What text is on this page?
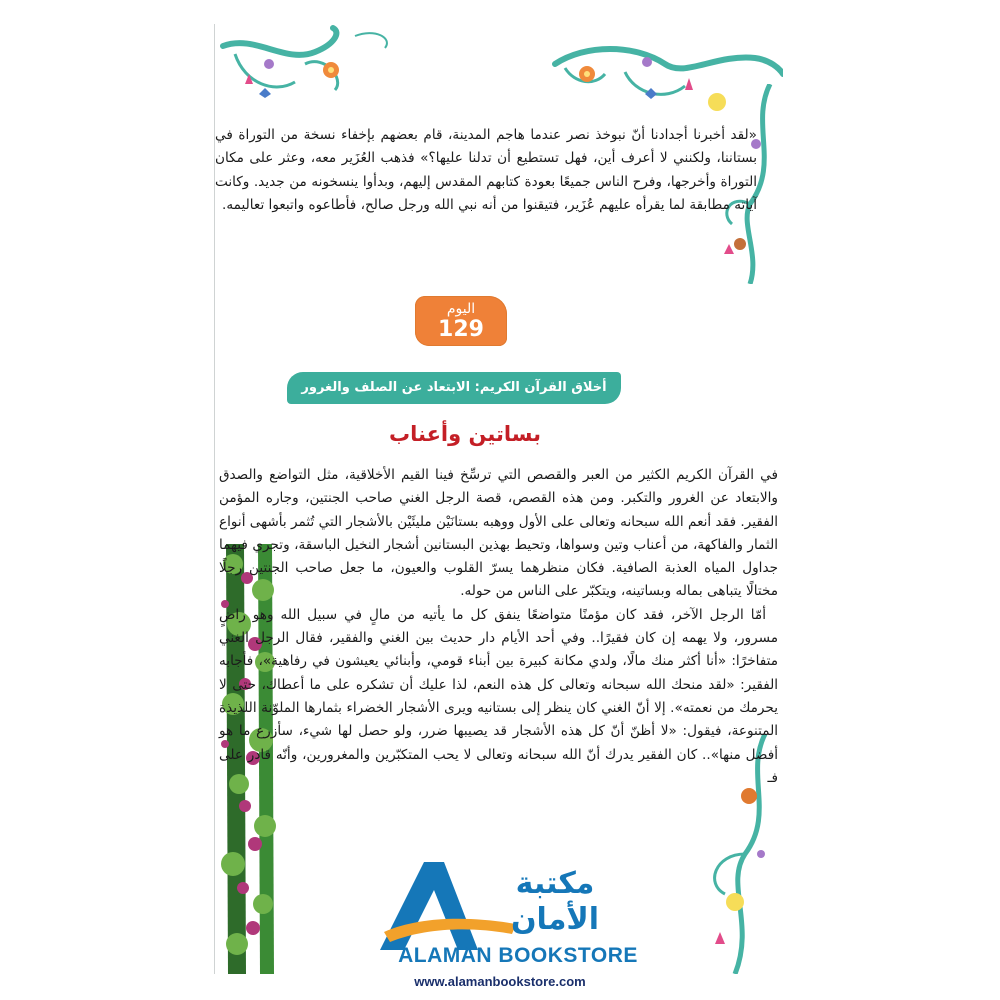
«لقد أخبرنا أجدادنا أنّ نبوخذ نصر عندما هاجم المدينة، قام بعضهم بإخفاء نسخة من التوراة في بستاننا، ولكنني لا أعرف أين، فهل تستطيع أن تدلنا عليها؟» فذهب العُزَير معه، وعثر على مكان التوراة وأخرجها، وفرح الناس جميعًا بعودة كتابهم المقدس إليهم، وبدأوا ينسخونه من جديد. وكانت آياته مطابقة لما يقرأه عليهم عُزَير، فتيقنوا من أنه نبي الله ورجل صالح، فأطاعوه واتبعوا تعاليمه.
اليوم
129
أخلاق القرآن الكريم: الابتعاد عن الصلف والغرور
بساتين وأعناب

في القرآن الكريم الكثير من العبر والقصص التي ترسِّخ فينا القيم الأخلاقية، مثل التواضع والصدق والابتعاد عن الغرور والتكبر. ومن هذه القصص، قصة الرجل الغني صاحب الجنتين، وجاره المؤمن الفقير. فقد أنعم الله سبحانه وتعالى على الأول ووهبه بستانَيْن مليئَيْن بالأشجار التي تُثمر بأشهى أنواع الثمار والفاكهة، من أعناب وتين وسواها، وتحيط بهذين البستانين أشجار النخيل الباسقة، وتجري فيهما جداول المياه العذبة الصافية. فكان منظرهما يسرّ القلوب والعيون، ما جعل صاحب الجنتين رجلًا مختالًا يتباهى بماله وبساتينه، ويتكبّر على الناس من حوله.

أمّا الرجل الآخر، فقد كان مؤمنًا متواضعًا ينفق كل ما يأتيه من مالٍ في سبيل الله وهو راضٍ مسرور، ولا يهمه إن كان فقيرًا.. وفي أحد الأيام دار حديث بين الغني والفقير، فقال الرجل الغني متفاخرًا: «أنا أكثر منك مالًا، ولدي مكانة كبيرة بين أبناء قومي، وأبنائي يعيشون في رفاهية»، فأجابه الفقير: «لقد منحك الله سبحانه وتعالى كل هذه النعم، لذا عليك أن تشكره على ما أعطاك، حتى لا يحرمك من نعمته». إلا أنّ الغني كان ينظر إلى بستانيه ويرى الأشجار الخضراء بثمارها الملوّنة اللذيذة المتنوعة، فيقول: «لا أظنّ أنّ كل هذه الأشجار قد يصيبها ضرر، ولو حصل لها شيء، سأزرع ما هو أفضل منها».. كان الفقير يدرك أنّ الله سبحانه وتعالى لا يحب المتكبّرين والمغرورين، وأنّه قادر على فـ

مكتبة الأمان
ALAMAN BOOKSTORE
www.alamanbookstore.com
